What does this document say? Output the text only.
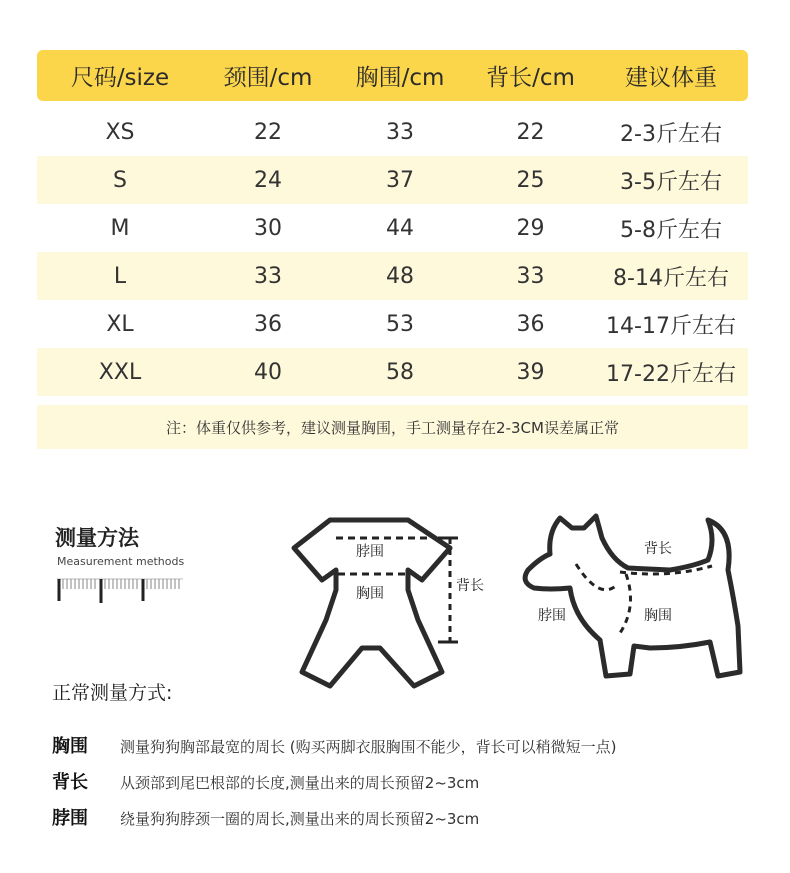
尺码/size	颈围/cm	胸围/cm	背长/cm	建议体重
XS	22	33	22	2-3斤左右
S	24	37	25	3-5斤左右
M	30	44	29	5-8斤左右
L	33	48	33	8-14斤左右
XL	36	53	36	14-17斤左右
XXL	40	58	39	17-22斤左右
注：体重仅供参考，建议测量胸围，手工测量存在2-3CM误差属正常
测量方法
Measurement methods
脖围
胸围	背长
背长
脖围	胸围
正常测量方式:
胸围	测量狗狗胸部最宽的周长 (购买两脚衣服胸围不能少，背长可以稍微短一点)
背长	从颈部到尾巴根部的长度,测量出来的周长预留2~3cm
脖围	绕量狗狗脖颈一圈的周长,测量出来的周长预留2~3cm
